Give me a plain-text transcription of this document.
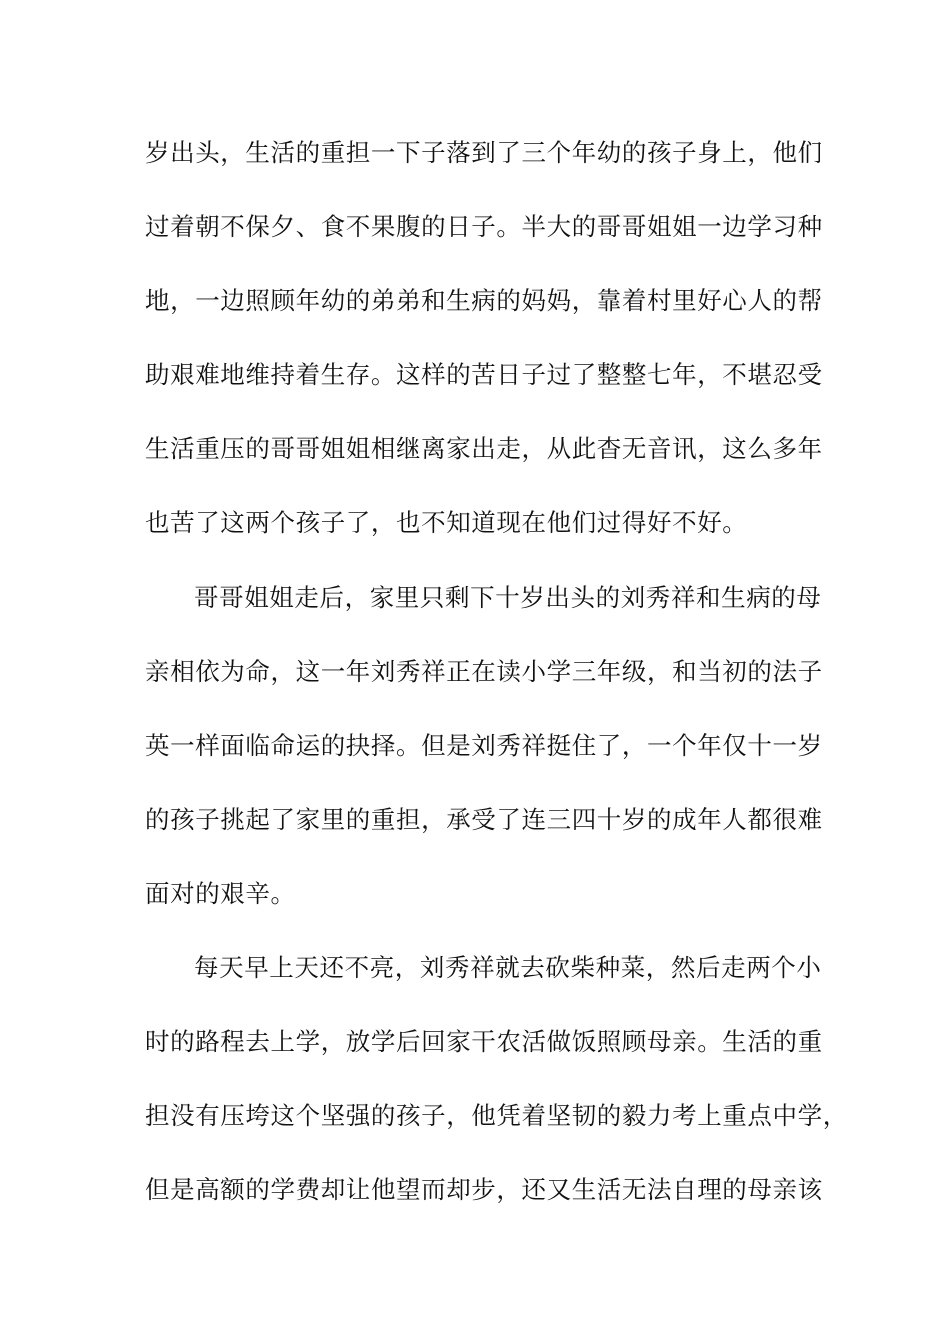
岁出头，生活的重担一下子落到了三个年幼的孩子身上，他们

过着朝不保夕、食不果腹的日子。半大的哥哥姐姐一边学习种

地，一边照顾年幼的弟弟和生病的妈妈，靠着村里好心人的帮

助艰难地维持着生存。这样的苦日子过了整整七年，不堪忍受

生活重压的哥哥姐姐相继离家出走，从此杳无音讯，这么多年

也苦了这两个孩子了，也不知道现在他们过得好不好。

哥哥姐姐走后，家里只剩下十岁出头的刘秀祥和生病的母

亲相依为命，这一年刘秀祥正在读小学三年级，和当初的法子

英一样面临命运的抉择。但是刘秀祥挺住了，一个年仅十一岁

的孩子挑起了家里的重担，承受了连三四十岁的成年人都很难

面对的艰辛。

每天早上天还不亮，刘秀祥就去砍柴种菜，然后走两个小

时的路程去上学，放学后回家干农活做饭照顾母亲。生活的重

担没有压垮这个坚强的孩子，他凭着坚韧的毅力考上重点中学，

但是高额的学费却让他望而却步，还又生活无法自理的母亲该
